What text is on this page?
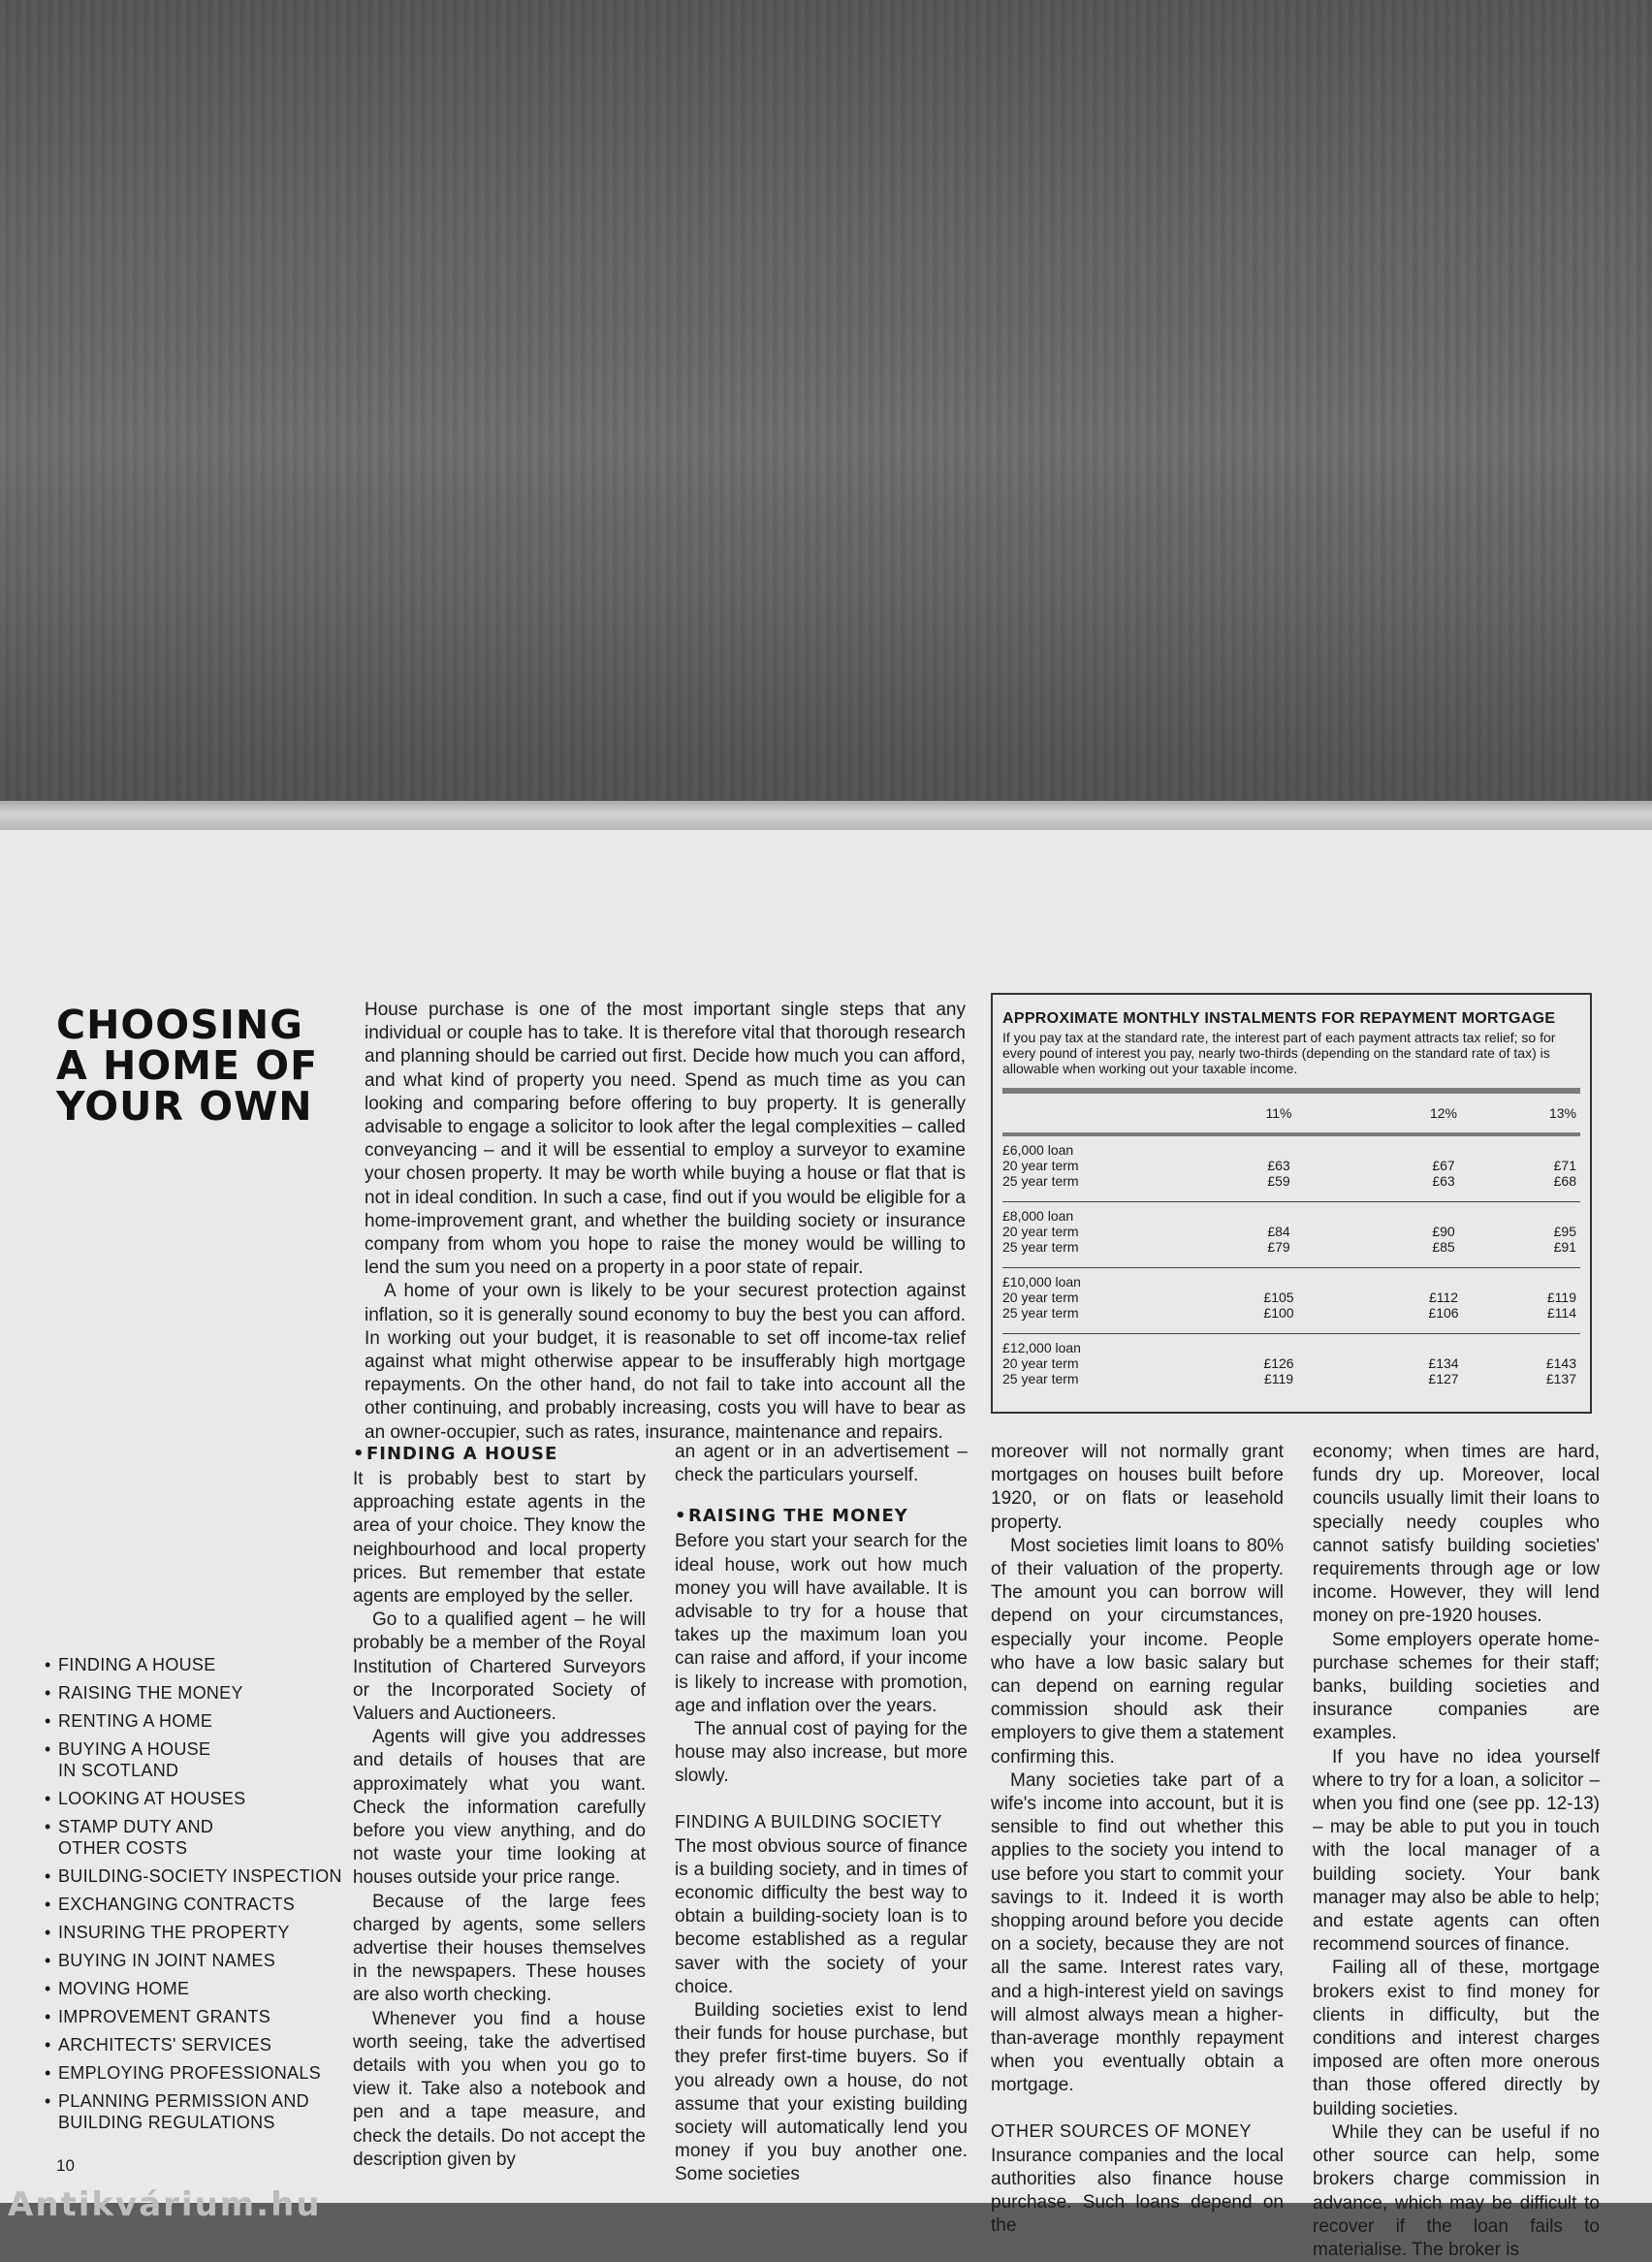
CHOOSING
A HOME OF
YOUR OWN

House purchase is one of the most important single steps that any individual or couple has to take. It is therefore vital that thorough research and planning should be carried out first. Decide how much you can afford, and what kind of property you need. Spend as much time as you can looking and comparing before offering to buy property. It is generally advisable to engage a solicitor to look after the legal complexities – called conveyancing – and it will be essential to employ a surveyor to examine your chosen property. It may be worth while buying a house or flat that is not in ideal condition. In such a case, find out if you would be eligible for a home-improvement grant, and whether the building society or insurance company from whom you hope to raise the money would be willing to lend the sum you need on a property in a poor state of repair.

A home of your own is likely to be your securest protection against inflation, so it is generally sound economy to buy the best you can afford. In working out your budget, it is reasonable to set off income-tax relief against what might otherwise appear to be insufferably high mortgage repayments. On the other hand, do not fail to take into account all the other continuing, and probably increasing, costs you will have to bear as an owner-occupier, such as rates, insurance, maintenance and repairs.

APPROXIMATE MONTHLY INSTALMENTS FOR REPAYMENT MORTGAGE
If you pay tax at the standard rate, the interest part of each payment attracts tax relief; so for every pound of interest you pay, nearly two-thirds (depending on the standard rate of tax) is allowable when working out your taxable income.
11%	12%	13%
£6,000 loan
20 year term
25 year term
£63
£59
£67
£63
£71
£68
£8,000 loan
20 year term
25 year term
£84
£79
£90
£85
£95
£91
£10,000 loan
20 year term
25 year term
£105
£100
£112
£106
£119
£114
£12,000 loan
20 year term
25 year term
£126
£119
£134
£127
£143
£137
•FINDING A HOUSE

It is probably best to start by approaching estate agents in the area of your choice. They know the neighbourhood and local property prices. But remember that estate agents are employed by the seller.

Go to a qualified agent – he will probably be a member of the Royal Institution of Chartered Surveyors or the Incorporated Society of Valuers and Auctioneers.

Agents will give you addresses and details of houses that are approximately what you want. Check the information carefully before you view anything, and do not waste your time looking at houses outside your price range.

Because of the large fees charged by agents, some sellers advertise their houses themselves in the newspapers. These houses are also worth checking.

Whenever you find a house worth seeing, take the advertised details with you when you go to view it. Take also a notebook and pen and a tape measure, and check the details. Do not accept the description given by

an agent or in an advertisement – check the particulars yourself.

•RAISING THE MONEY

Before you start your search for the ideal house, work out how much money you will have available. It is advisable to try for a house that takes up the maximum loan you can raise and afford, if your income is likely to increase with promotion, age and inflation over the years.

The annual cost of paying for the house may also increase, but more slowly.

FINDING A BUILDING SOCIETY

The most obvious source of finance is a building society, and in times of economic difficulty the best way to obtain a building-society loan is to become established as a regular saver with the society of your choice.

Building societies exist to lend their funds for house purchase, but they prefer first-time buyers. So if you already own a house, do not assume that your existing building society will automatically lend you money if you buy another one. Some societies

moreover will not normally grant mortgages on houses built before 1920, or on flats or leasehold property.

Most societies limit loans to 80% of their valuation of the property. The amount you can borrow will depend on your circumstances, especially your income. People who have a low basic salary but can depend on earning regular commission should ask their employers to give them a statement confirming this.

Many societies take part of a wife's income into account, but it is sensible to find out whether this applies to the society you intend to use before you start to commit your savings to it. Indeed it is worth shopping around before you decide on a society, because they are not all the same. Interest rates vary, and a high-interest yield on savings will almost always mean a higher-than-average monthly repayment when you eventually obtain a mortgage.

OTHER SOURCES OF MONEY

Insurance companies and the local authorities also finance house purchase. Such loans depend on the

economy; when times are hard, funds dry up. Moreover, local councils usually limit their loans to specially needy couples who cannot satisfy building societies' requirements through age or low income. However, they will lend money on pre-1920 houses.

Some employers operate home-purchase schemes for their staff; banks, building societies and insurance companies are examples.

If you have no idea yourself where to try for a loan, a solicitor – when you find one (see pp. 12-13) – may be able to put you in touch with the local manager of a building society. Your bank manager may also be able to help; and estate agents can often recommend sources of finance.

Failing all of these, mortgage brokers exist to find money for clients in difficulty, but the conditions and interest charges imposed are often more onerous than those offered directly by building societies.

While they can be useful if no other source can help, some brokers charge commission in advance, which may be difficult to recover if the loan fails to materialise. The broker is

• FINDING A HOUSE
• RAISING THE MONEY
• RENTING A HOME
• BUYING A HOUSE
IN SCOTLAND
• LOOKING AT HOUSES
• STAMP DUTY AND
OTHER COSTS
• BUILDING-SOCIETY INSPECTION
• EXCHANGING CONTRACTS
• INSURING THE PROPERTY
• BUYING IN JOINT NAMES
• MOVING HOME
• IMPROVEMENT GRANTS
• ARCHITECTS' SERVICES
• EMPLOYING PROFESSIONALS
• PLANNING PERMISSION AND
BUILDING REGULATIONS
10
Antikvárium.hu
